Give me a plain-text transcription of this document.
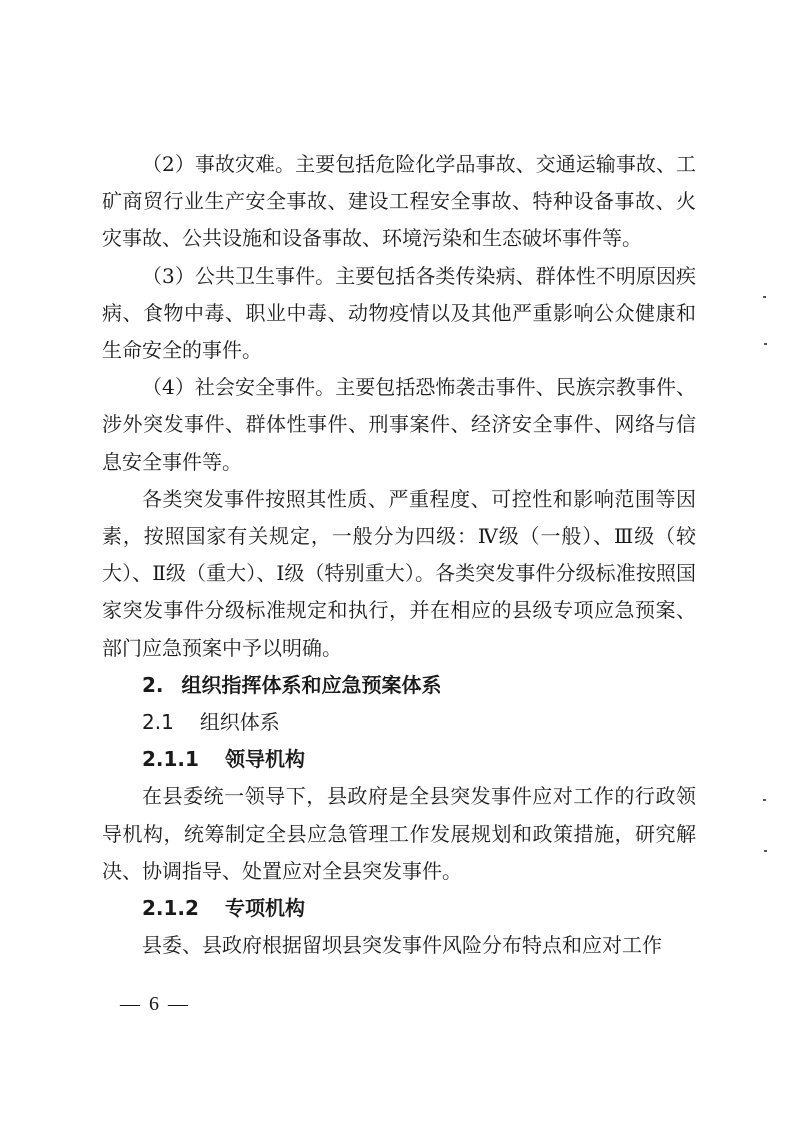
（2）事故灾难。主要包括危险化学品事故、交通运输事故、工矿商贸行业生产安全事故、建设工程安全事故、特种设备事故、火灾事故、公共设施和设备事故、环境污染和生态破坏事件等。

（3）公共卫生事件。主要包括各类传染病、群体性不明原因疾病、食物中毒、职业中毒、动物疫情以及其他严重影响公众健康和生命安全的事件。

（4）社会安全事件。主要包括恐怖袭击事件、民族宗教事件、涉外突发事件、群体性事件、刑事案件、经济安全事件、网络与信息安全事件等。

各类突发事件按照其性质、严重程度、可控性和影响范围等因素，按照国家有关规定，一般分为四级：Ⅳ级（一般）、Ⅲ级（较大）、Ⅱ级（重大）、Ⅰ级（特别重大）。各类突发事件分级标准按照国家突发事件分级标准规定和执行，并在相应的县级专项应急预案、部门应急预案中予以明确。

2. 组织指挥体系和应急预案体系

2.1 组织体系

2.1.1 领导机构

在县委统一领导下，县政府是全县突发事件应对工作的行政领导机构，统筹制定全县应急管理工作发展规划和政策措施，研究解决、协调指导、处置应对全县突发事件。

2.1.2 专项机构

县委、县政府根据留坝县突发事件风险分布特点和应对工作

— 6 —
